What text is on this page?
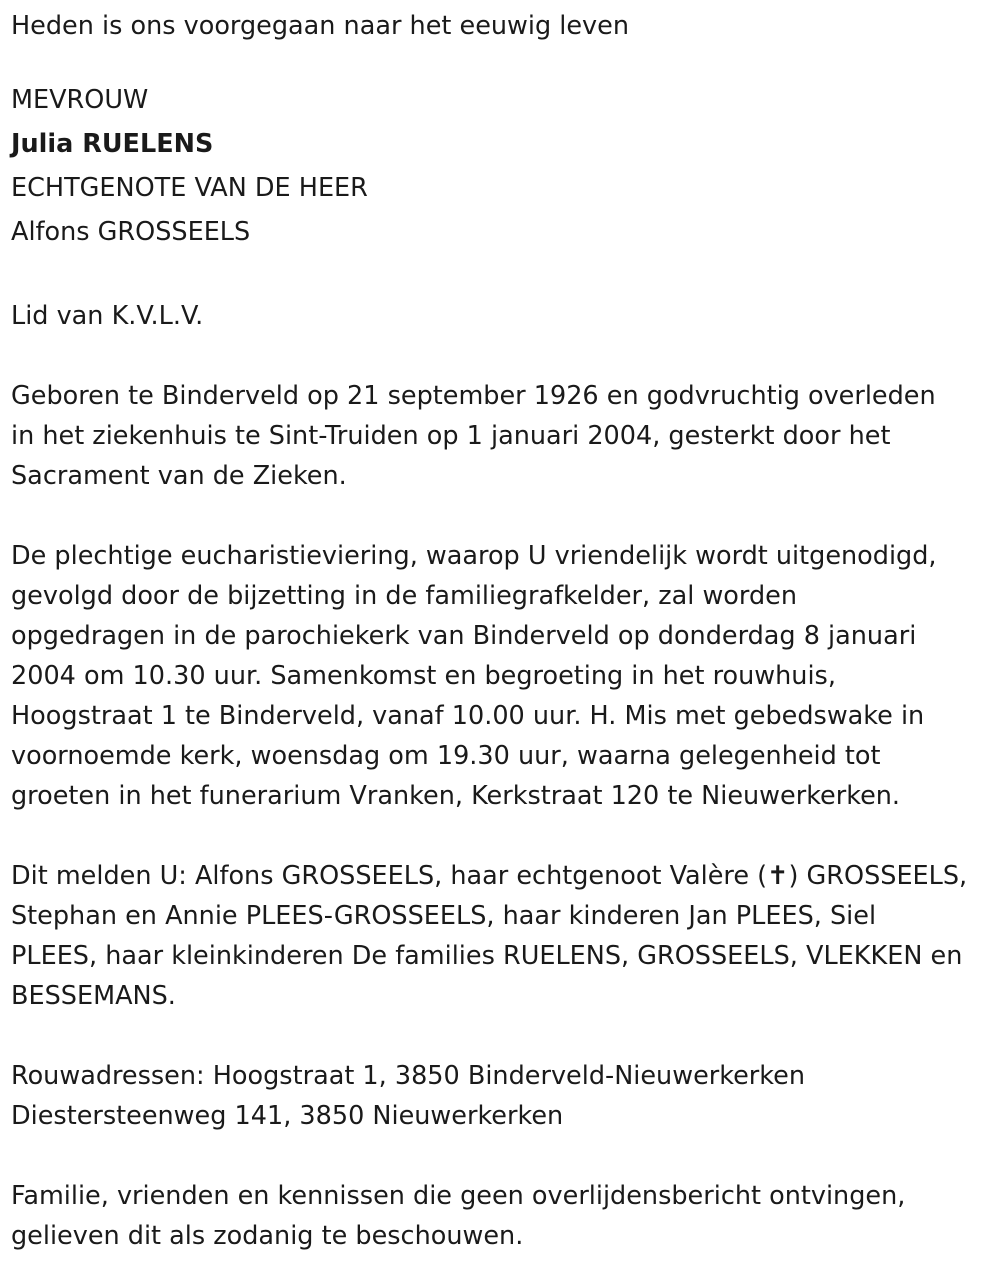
Heden is ons voorgegaan naar het eeuwig leven
MEVROUW
Julia RUELENS
ECHTGENOTE VAN DE HEER
Alfons GROSSEELS
Lid van K.V.L.V.
Geboren te Binderveld op 21 september 1926 en godvruchtig overleden
in het ziekenhuis te Sint-Truiden op 1 januari 2004, gesterkt door het
Sacrament van de Zieken.
De plechtige eucharistieviering, waarop U vriendelijk wordt uitgenodigd,
gevolgd door de bijzetting in de familiegrafkelder, zal worden
opgedragen in de parochiekerk van Binderveld op donderdag 8 januari
2004 om 10.30 uur. Samenkomst en begroeting in het rouwhuis,
Hoogstraat 1 te Binderveld, vanaf 10.00 uur. H. Mis met gebedswake in
voornoemde kerk, woensdag om 19.30 uur, waarna gelegenheid tot
groeten in het funerarium Vranken, Kerkstraat 120 te Nieuwerkerken.
Dit melden U: Alfons GROSSEELS, haar echtgenoot Valère (✝) GROSSEELS,
Stephan en Annie PLEES-GROSSEELS, haar kinderen Jan PLEES, Siel
PLEES, haar kleinkinderen De families RUELENS, GROSSEELS, VLEKKEN en
BESSEMANS.
Rouwadressen: Hoogstraat 1, 3850 Binderveld-Nieuwerkerken
Diestersteenweg 141, 3850 Nieuwerkerken
Familie, vrienden en kennissen die geen overlijdensbericht ontvingen,
gelieven dit als zodanig te beschouwen.
